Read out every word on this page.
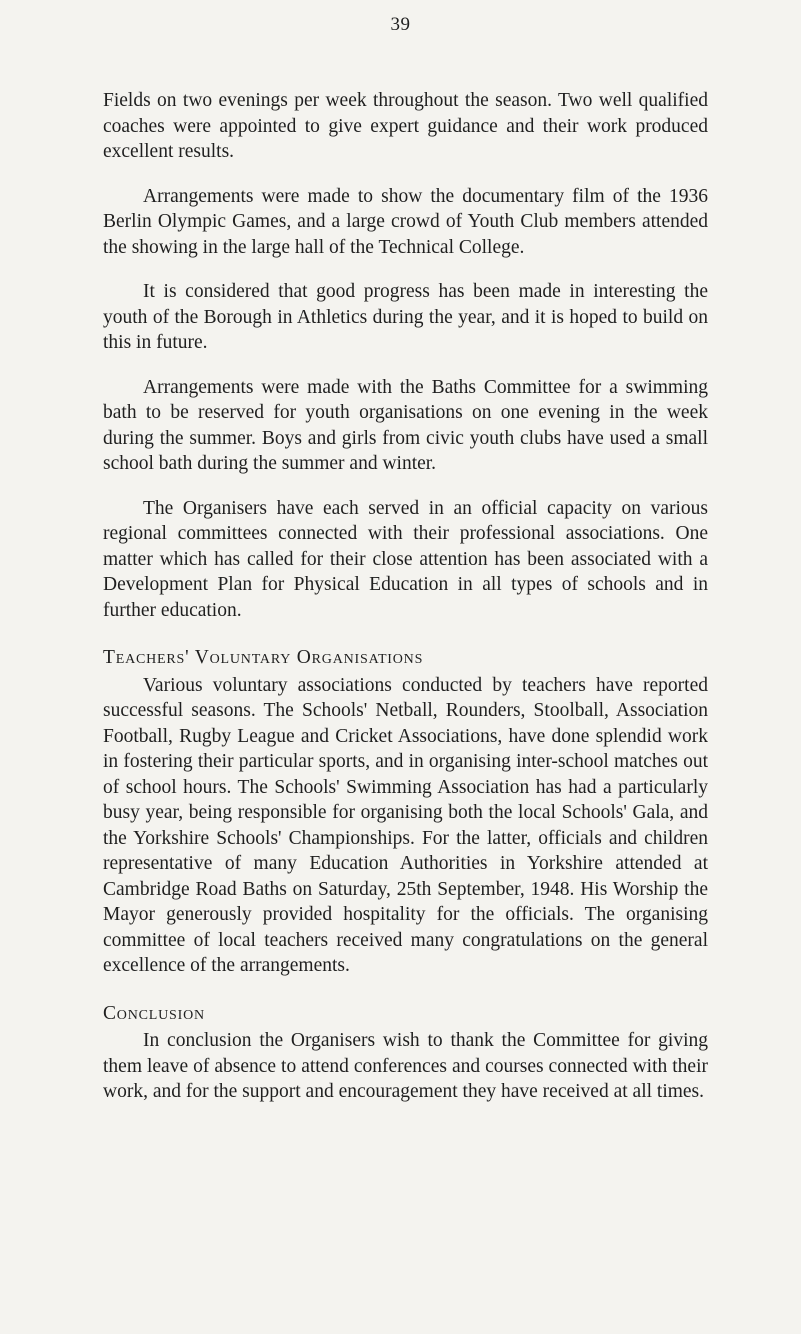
39

Fields on two evenings per week throughout the season. Two well qualified coaches were appointed to give expert guidance and their work produced excellent results.

Arrangements were made to show the documentary film of the 1936 Berlin Olympic Games, and a large crowd of Youth Club members attended the showing in the large hall of the Technical College.

It is considered that good progress has been made in interesting the youth of the Borough in Athletics during the year, and it is hoped to build on this in future.

Arrangements were made with the Baths Committee for a swimming bath to be reserved for youth organisations on one evening in the week during the summer. Boys and girls from civic youth clubs have used a small school bath during the summer and winter.

The Organisers have each served in an official capacity on various regional committees connected with their professional associations. One matter which has called for their close attention has been associated with a Development Plan for Physical Education in all types of schools and in further education.

Teachers' Voluntary Organisations

Various voluntary associations conducted by teachers have reported successful seasons. The Schools' Netball, Rounders, Stoolball, Association Football, Rugby League and Cricket Associations, have done splendid work in fostering their particular sports, and in organising inter-school matches out of school hours. The Schools' Swimming Association has had a particularly busy year, being responsible for organising both the local Schools' Gala, and the Yorkshire Schools' Championships. For the latter, officials and children representative of many Education Authorities in Yorkshire attended at Cambridge Road Baths on Saturday, 25th September, 1948. His Worship the Mayor generously provided hospitality for the officials. The organising committee of local teachers received many congratulations on the general excellence of the arrangements.

Conclusion

In conclusion the Organisers wish to thank the Committee for giving them leave of absence to attend conferences and courses connected with their work, and for the support and encouragement they have received at all times.
